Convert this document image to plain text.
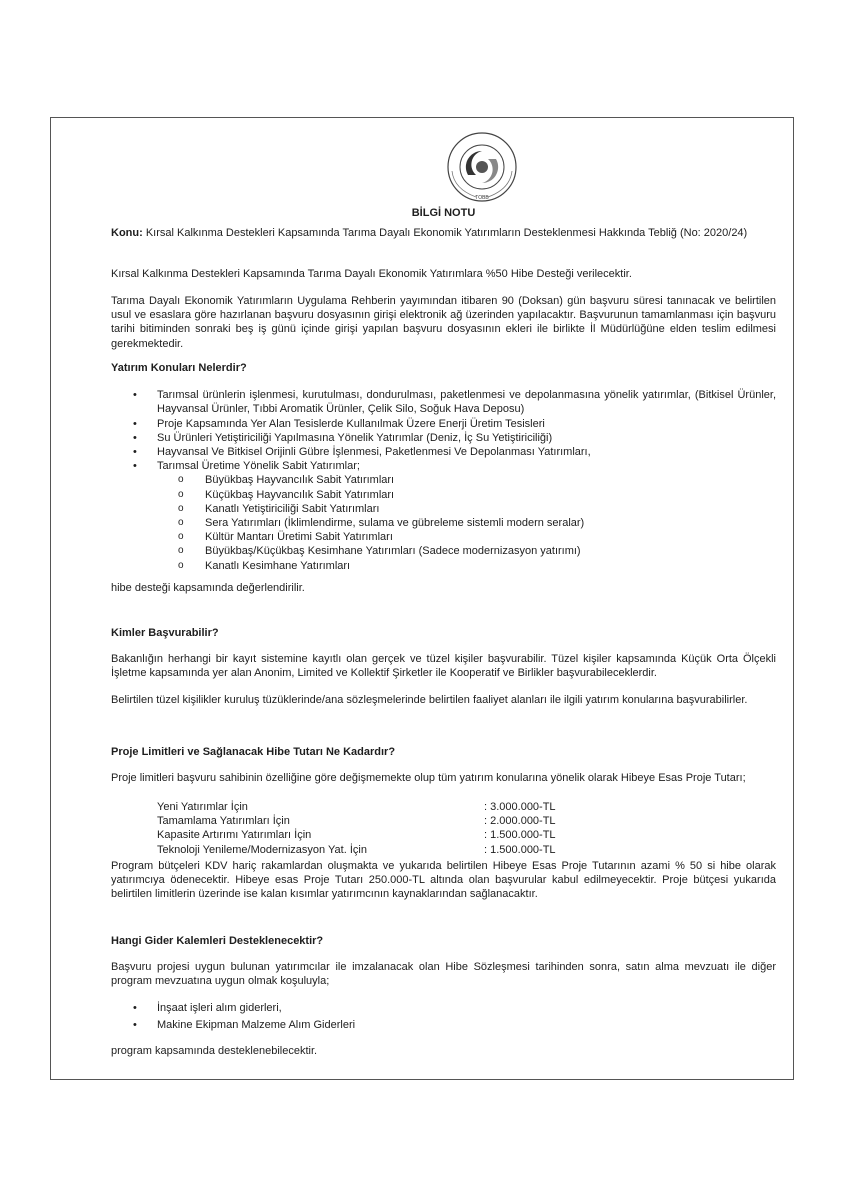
TOBB
BİLGİ NOTU

Konu: Kırsal Kalkınma Destekleri Kapsamında Tarıma Dayalı Ekonomik Yatırımların Desteklenmesi Hakkında Tebliğ (No: 2020/24)

Kırsal Kalkınma Destekleri Kapsamında Tarıma Dayalı Ekonomik Yatırımlara %50 Hibe Desteği verilecektir.

Tarıma Dayalı Ekonomik Yatırımların Uygulama Rehberin yayımından itibaren 90 (Doksan) gün başvuru süresi tanınacak ve belirtilen usul ve esaslara göre hazırlanan başvuru dosyasının girişi elektronik ağ üzerinden yapılacaktır. Başvurunun tamamlanması için başvuru tarihi bitiminden sonraki beş iş günü içinde girişi yapılan başvuru dosyasının ekleri ile birlikte İl Müdürlüğüne elden teslim edilmesi gerekmektedir.

Yatırım Konuları Nelerdir?

• Tarımsal ürünlerin işlenmesi, kurutulması, dondurulması, paketlenmesi ve depolanmasına yönelik yatırımlar, (Bitkisel Ürünler, Hayvansal Ürünler, Tıbbi Aromatik Ürünler, Çelik Silo, Soğuk Hava Deposu)
• Proje Kapsamında Yer Alan Tesislerde Kullanılmak Üzere Enerji Üretim Tesisleri
• Su Ürünleri Yetiştiriciliği Yapılmasına Yönelik Yatırımlar (Deniz, İç Su Yetiştiriciliği)
• Hayvansal Ve Bitkisel Orijinli Gübre İşlenmesi, Paketlenmesi Ve Depolanması Yatırımları,
• Tarımsal Üretime Yönelik Sabit Yatırımlar;
o Büyükbaş Hayvancılık Sabit Yatırımları
o Küçükbaş Hayvancılık Sabit Yatırımları
o Kanatlı Yetiştiriciliği Sabit Yatırımları
o Sera Yatırımları (İklimlendirme, sulama ve gübreleme sistemli modern seralar)
o Kültür Mantarı Üretimi Sabit Yatırımları
o Büyükbaş/Küçükbaş Kesimhane Yatırımları (Sadece modernizasyon yatırımı)
o Kanatlı Kesimhane Yatırımları

hibe desteği kapsamında değerlendirilir.

Kimler Başvurabilir?

Bakanlığın herhangi bir kayıt sistemine kayıtlı olan gerçek ve tüzel kişiler başvurabilir. Tüzel kişiler kapsamında Küçük Orta Ölçekli İşletme kapsamında yer alan Anonim, Limited ve Kollektif Şirketler ile Kooperatif ve Birlikler başvurabileceklerdir.

Belirtilen tüzel kişilikler kuruluş tüzüklerinde/ana sözleşmelerinde belirtilen faaliyet alanları ile ilgili yatırım konularına başvurabilirler.

Proje Limitleri ve Sağlanacak Hibe Tutarı Ne Kadardır?

Proje limitleri başvuru sahibinin özelliğine göre değişmemekte olup tüm yatırım konularına yönelik olarak Hibeye Esas Proje Tutarı;

Yeni Yatırımlar İçin	: 3.000.000-TL
Tamamlama Yatırımları İçin	: 2.000.000-TL
Kapasite Artırımı Yatırımları İçin	: 1.500.000-TL
Teknoloji Yenileme/Modernizasyon Yat. İçin	: 1.500.000-TL

Program bütçeleri KDV hariç rakamlardan oluşmakta ve yukarıda belirtilen Hibeye Esas Proje Tutarının azami % 50 si hibe olarak yatırımcıya ödenecektir. Hibeye esas Proje Tutarı 250.000-TL altında olan başvurular kabul edilmeyecektir. Proje bütçesi yukarıda belirtilen limitlerin üzerinde ise kalan kısımlar yatırımcının kaynaklarından sağlanacaktır.

Hangi Gider Kalemleri Desteklenecektir?

Başvuru projesi uygun bulunan yatırımcılar ile imzalanacak olan Hibe Sözleşmesi tarihinden sonra, satın alma mevzuatı ile diğer program mevzuatına uygun olmak koşuluyla;

• İnşaat işleri alım giderleri,
• Makine Ekipman Malzeme Alım Giderleri

program kapsamında desteklenebilecektir.
